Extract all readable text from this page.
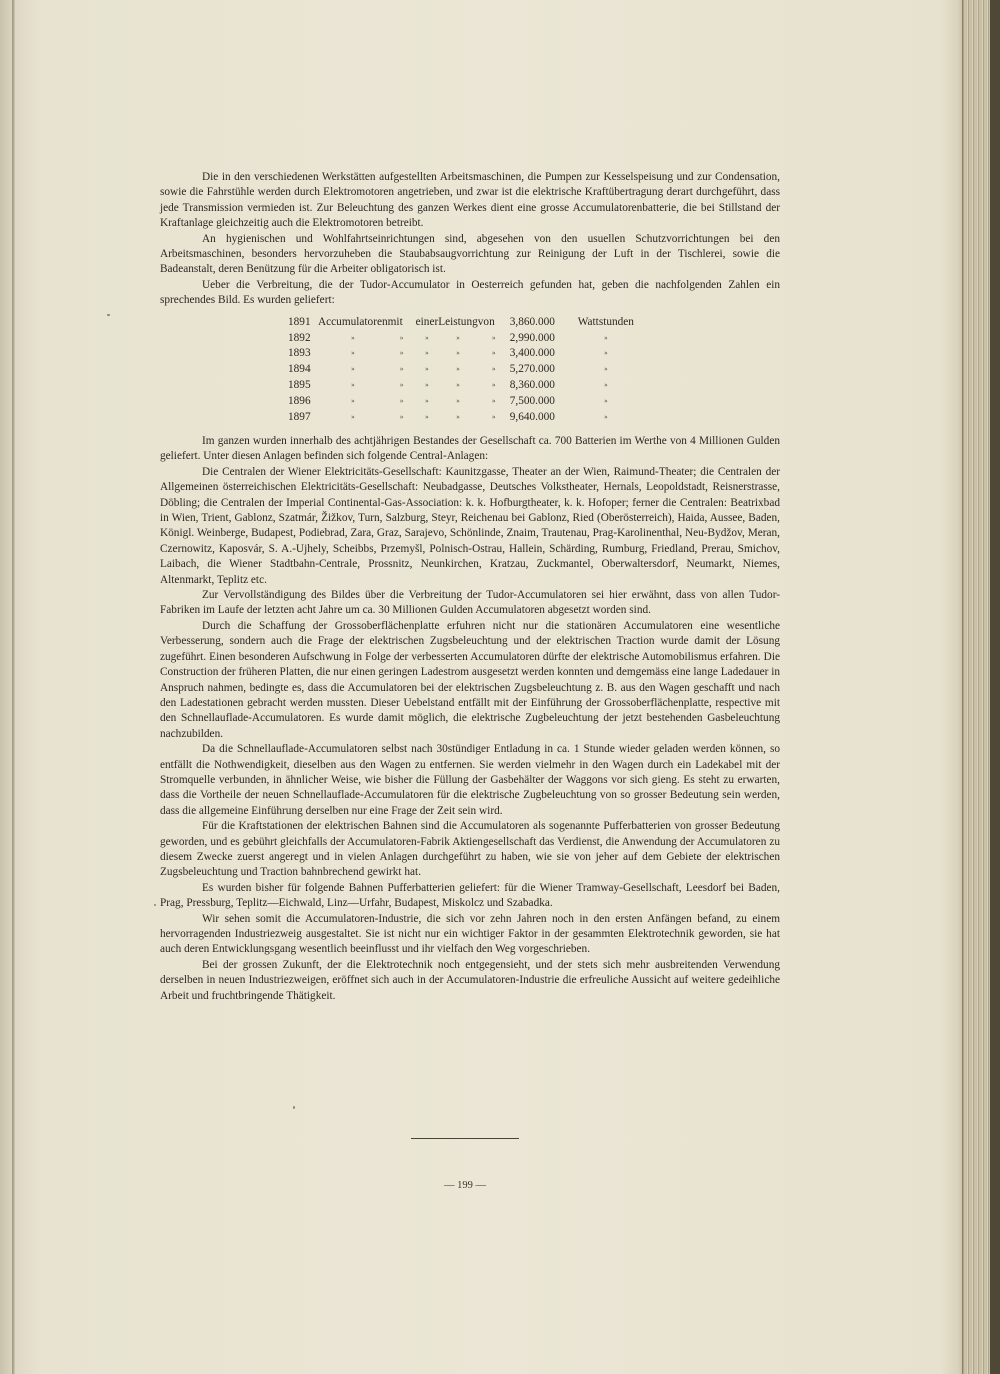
Die in den verschiedenen Werkstätten aufgestellten Arbeitsmaschinen, die Pumpen zur Kesselspeisung und zur Condensation, sowie die Fahrstühle werden durch Elektromotoren angetrieben, und zwar ist die elektrische Kraftübertragung derart durchgeführt, dass jede Transmission vermieden ist. Zur Beleuchtung des ganzen Werkes dient eine grosse Accumulatorenbatterie, die bei Stillstand der Kraftanlage gleichzeitig auch die Elektromotoren betreibt.

An hygienischen und Wohlfahrtseinrichtungen sind, abgesehen von den usuellen Schutzvorrichtungen bei den Arbeitsmaschinen, besonders hervorzuheben die Staubabsaugvorrichtung zur Reinigung der Luft in der Tischlerei, sowie die Badeanstalt, deren Benützung für die Arbeiter obligatorisch ist.

Ueber die Verbreitung, die der Tudor-Accumulator in Oesterreich gefunden hat, geben die nachfolgenden Zahlen ein sprechendes Bild. Es wurden geliefert:

1891	Accumulatoren	mit	einer	Leistung	von	3,860.000	Wattstunden
1892	»	»	»	»	»	2,990.000	»
1893	»	»	»	»	»	3,400.000	»
1894	»	»	»	»	»	5,270.000	»
1895	»	»	»	»	»	8,360.000	»
1896	»	»	»	»	»	7,500.000	»
1897	»	»	»	»	»	9,640.000	»

Im ganzen wurden innerhalb des achtjährigen Bestandes der Gesellschaft ca. 700 Batterien im Werthe von 4 Millionen Gulden geliefert. Unter diesen Anlagen befinden sich folgende Central-Anlagen:

Die Centralen der Wiener Elektricitäts-Gesellschaft: Kaunitzgasse, Theater an der Wien, Raimund-Theater; die Centralen der Allgemeinen österreichischen Elektricitäts-Gesellschaft: Neubadgasse, Deutsches Volkstheater, Hernals, Leopoldstadt, Reisnerstrasse, Döbling; die Centralen der Imperial Continental-Gas-Association: k. k. Hofburgtheater, k. k. Hofoper; ferner die Centralen: Beatrixbad in Wien, Trient, Gablonz, Szatmár, Žižkov, Turn, Salzburg, Steyr, Reichenau bei Gablonz, Ried (Oberösterreich), Haida, Aussee, Baden, Königl. Weinberge, Budapest, Podiebrad, Zara, Graz, Sarajevo, Schönlinde, Znaim, Trautenau, Prag-Karolinenthal, Neu-Bydžov, Meran, Czernowitz, Kaposvár, S. A.-Ujhely, Scheibbs, Przemyšl, Polnisch-Ostrau, Hallein, Schärding, Rumburg, Friedland, Prerau, Smichov, Laibach, die Wiener Stadtbahn-Centrale, Prossnitz, Neunkirchen, Kratzau, Zuckmantel, Oberwaltersdorf, Neumarkt, Niemes, Altenmarkt, Teplitz etc.

Zur Vervollständigung des Bildes über die Verbreitung der Tudor-Accumulatoren sei hier erwähnt, dass von allen Tudor-Fabriken im Laufe der letzten acht Jahre um ca. 30 Millionen Gulden Accumulatoren abgesetzt worden sind.

Durch die Schaffung der Grossoberflächenplatte erfuhren nicht nur die stationären Accumulatoren eine wesentliche Verbesserung, sondern auch die Frage der elektrischen Zugsbeleuchtung und der elektrischen Traction wurde damit der Lösung zugeführt. Einen besonderen Aufschwung in Folge der verbesserten Accumulatoren dürfte der elektrische Automobilismus erfahren. Die Construction der früheren Platten, die nur einen geringen Ladestrom ausgesetzt werden konnten und demgemäss eine lange Ladedauer in Anspruch nahmen, bedingte es, dass die Accumulatoren bei der elektrischen Zugsbeleuchtung z. B. aus den Wagen geschafft und nach den Ladestationen gebracht werden mussten. Dieser Uebelstand entfällt mit der Einführung der Grossoberflächenplatte, respective mit den Schnellauflade-Accumulatoren. Es wurde damit möglich, die elektrische Zugbeleuchtung der jetzt bestehenden Gasbeleuchtung nachzubilden.

Da die Schnellauflade-Accumulatoren selbst nach 30stündiger Entladung in ca. 1 Stunde wieder geladen werden können, so entfällt die Nothwendigkeit, dieselben aus den Wagen zu entfernen. Sie werden vielmehr in den Wagen durch ein Ladekabel mit der Stromquelle verbunden, in ähnlicher Weise, wie bisher die Füllung der Gasbehälter der Waggons vor sich gieng. Es steht zu erwarten, dass die Vortheile der neuen Schnellauflade-Accumulatoren für die elektrische Zugbeleuchtung von so grosser Bedeutung sein werden, dass die allgemeine Einführung derselben nur eine Frage der Zeit sein wird.

Für die Kraftstationen der elektrischen Bahnen sind die Accumulatoren als sogenannte Pufferbatterien von grosser Bedeutung geworden, und es gebührt gleichfalls der Accumulatoren-Fabrik Aktiengesellschaft das Verdienst, die Anwendung der Accumulatoren zu diesem Zwecke zuerst angeregt und in vielen Anlagen durchgeführt zu haben, wie sie von jeher auf dem Gebiete der elektrischen Zugsbeleuchtung und Traction bahnbrechend gewirkt hat.

Es wurden bisher für folgende Bahnen Pufferbatterien geliefert: für die Wiener Tramway-Gesellschaft, Leesdorf bei Baden, Prag, Pressburg, Teplitz—Eichwald, Linz—Urfahr, Budapest, Miskolcz und Szabadka.

Wir sehen somit die Accumulatoren-Industrie, die sich vor zehn Jahren noch in den ersten Anfängen befand, zu einem hervorragenden Industriezweig ausgestaltet. Sie ist nicht nur ein wichtiger Faktor in der gesammten Elektrotechnik geworden, sie hat auch deren Entwicklungsgang wesentlich beeinflusst und ihr vielfach den Weg vorgeschrieben.

Bei der grossen Zukunft, der die Elektrotechnik noch entgegensieht, und der stets sich mehr ausbreitenden Verwendung derselben in neuen Industriezweigen, eröffnet sich auch in der Accumulatoren-Industrie die erfreuliche Aussicht auf weitere gedeihliche Arbeit und fruchtbringende Thätigkeit.

— 199 —
